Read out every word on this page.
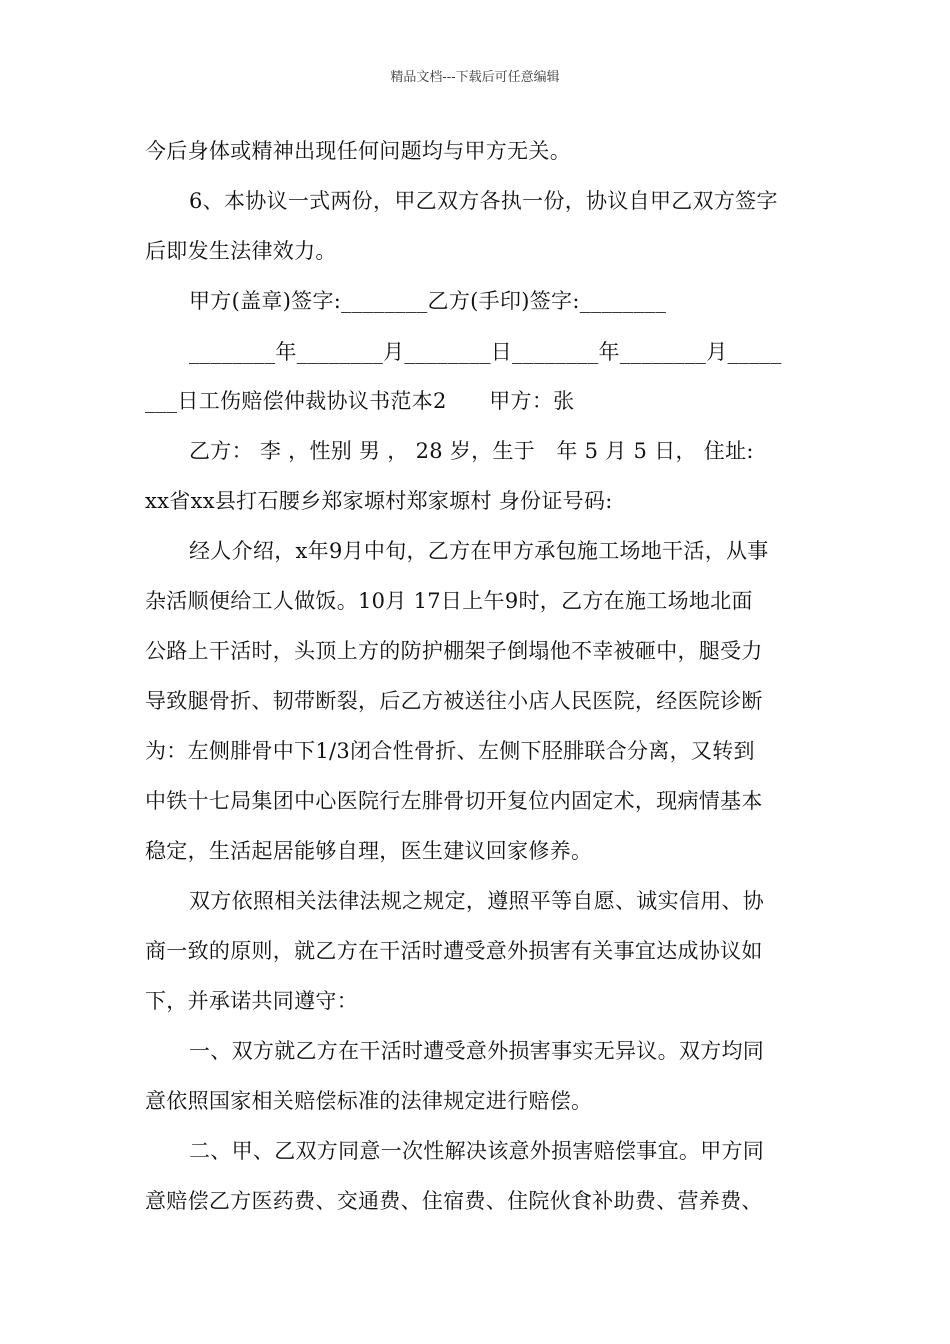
精品文档---下载后可任意编辑
今后身体或精神出现任何问题均与甲方无关。
6、本协议一式两份，甲乙双方各执一份，协议自甲乙双方签字
后即发生法律效力。
甲方(盖章)签字:________乙方(手印)签字:________
________年________月________日________年________月_____
___日工伤赔偿仲裁协议书范本2　　甲方：张
乙方： 李 ，性别 男 ， 28 岁，生于　年 5 月 5 日， 住址:
xx省xx县打石腰乡郑家塬村郑家塬村 身份证号码:
经人介绍，x年9月中旬，乙方在甲方承包施工场地干活，从事
杂活顺便给工人做饭。10月 17日上午9时，乙方在施工场地北面
公路上干活时，头顶上方的防护棚架子倒塌他不幸被砸中，腿受力
导致腿骨折、韧带断裂，后乙方被送往小店人民医院，经医院诊断
为：左侧腓骨中下1/3闭合性骨折、左侧下胫腓联合分离，又转到
中铁十七局集团中心医院行左腓骨切开复位内固定术，现病情基本
稳定，生活起居能够自理，医生建议回家修养。
双方依照相关法律法规之规定，遵照平等自愿、诚实信用、协
商一致的原则，就乙方在干活时遭受意外损害有关事宜达成协议如
下，并承诺共同遵守：
一、双方就乙方在干活时遭受意外损害事实无异议。双方均同
意依照国家相关赔偿标准的法律规定进行赔偿。
二、甲、乙双方同意一次性解决该意外损害赔偿事宜。甲方同
意赔偿乙方医药费、交通费、住宿费、住院伙食补助费、营养费、
